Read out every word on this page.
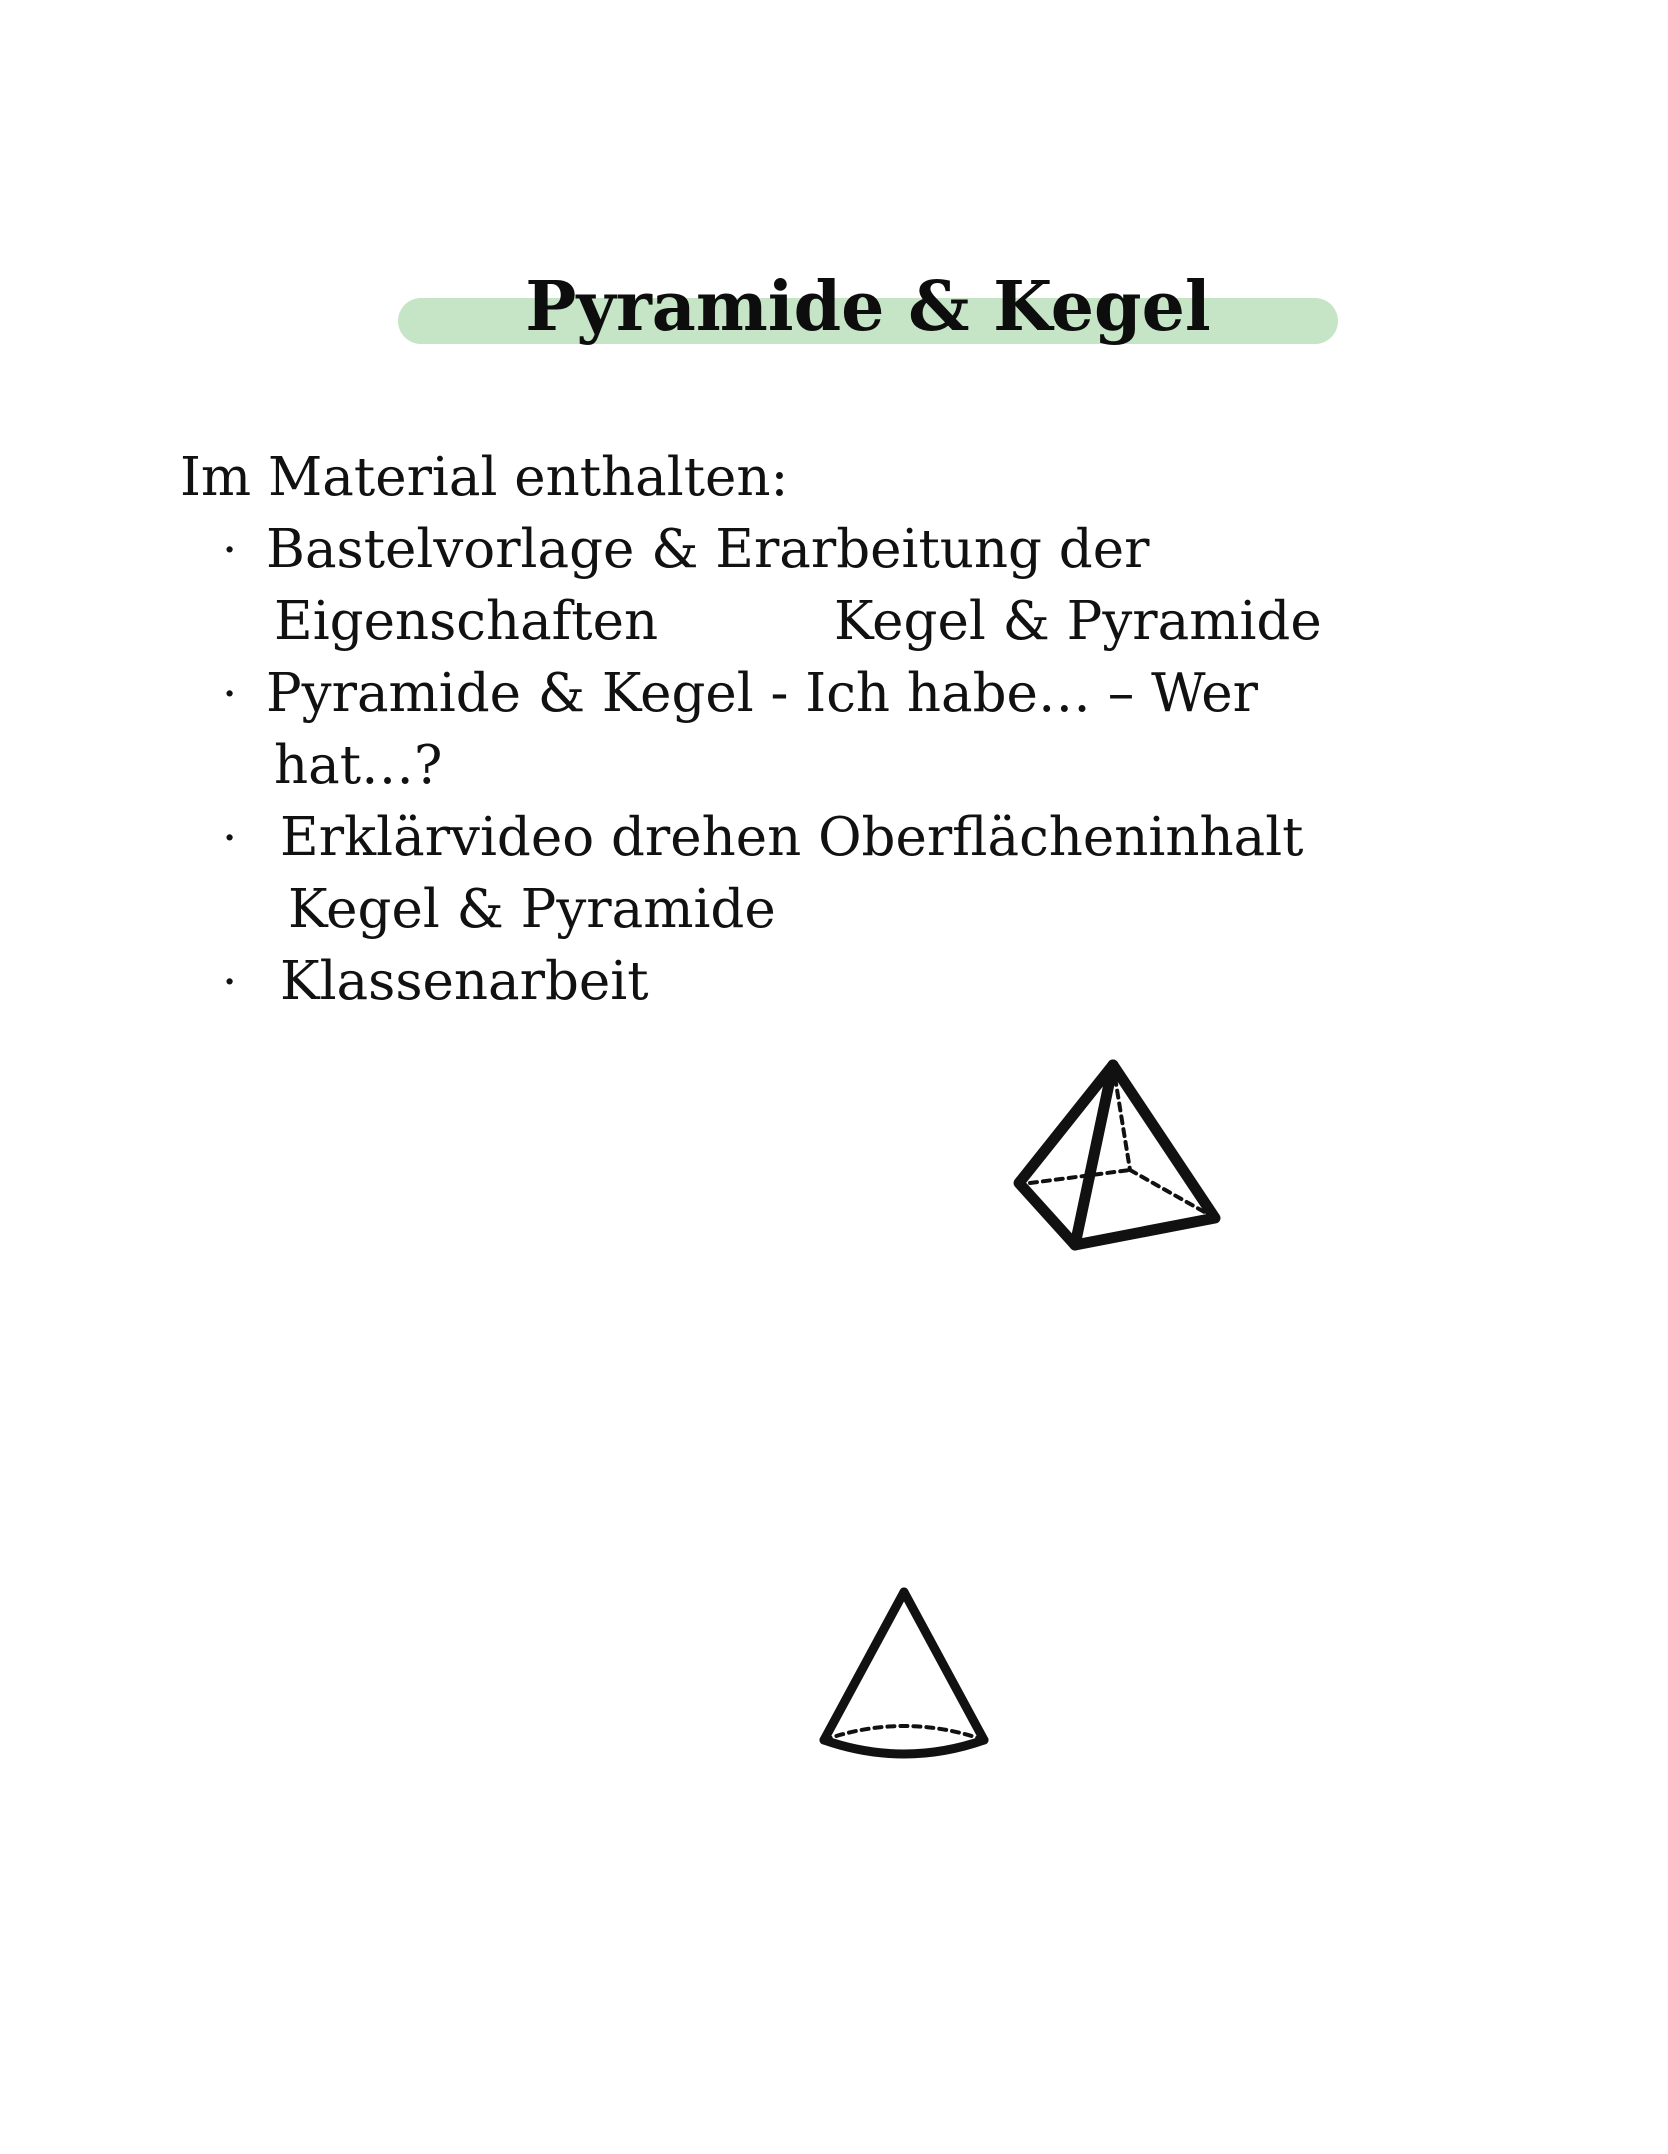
Pyramide & Kegel
Im Material enthalten:
· Bastelvorlage & Erarbeitung der
Eigenschaften	Kegel & Pyramide
· Pyramide & Kegel - Ich habe… – Wer
hat…?
· Erklärvideo drehen Oberflächeninhalt
Kegel & Pyramide
· Klassenarbeit
